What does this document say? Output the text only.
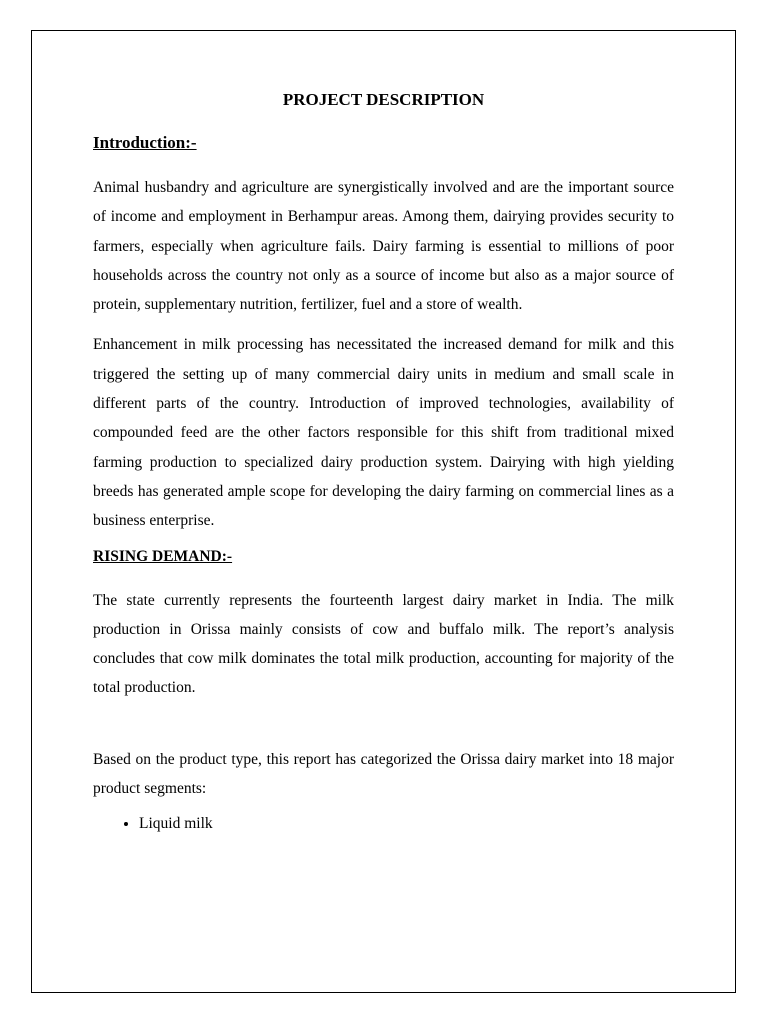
PROJECT DESCRIPTION
Introduction:-

Animal husbandry and agriculture are synergistically involved and are the important source of income and employment in Berhampur areas. Among them, dairying provides security to farmers, especially when agriculture fails. Dairy farming is essential to millions of poor households across the country not only as a source of income but also as a major source of protein, supplementary nutrition, fertilizer, fuel and a store of wealth.

Enhancement in milk processing has necessitated the increased demand for milk and this triggered the setting up of many commercial dairy units in medium and small scale in different parts of the country. Introduction of improved technologies, availability of compounded feed are the other factors responsible for this shift from traditional mixed farming production to specialized dairy production system. Dairying with high yielding breeds has generated ample scope for developing the dairy farming on commercial lines as a business enterprise.

RISING DEMAND:-

The state currently represents the fourteenth largest dairy market in India. The milk production in Orissa mainly consists of cow and buffalo milk. The report’s analysis concludes that cow milk dominates the total milk production, accounting for majority of the total production.

Based on the product type, this report has categorized the Orissa dairy market into 18 major product segments:

• Liquid milk
